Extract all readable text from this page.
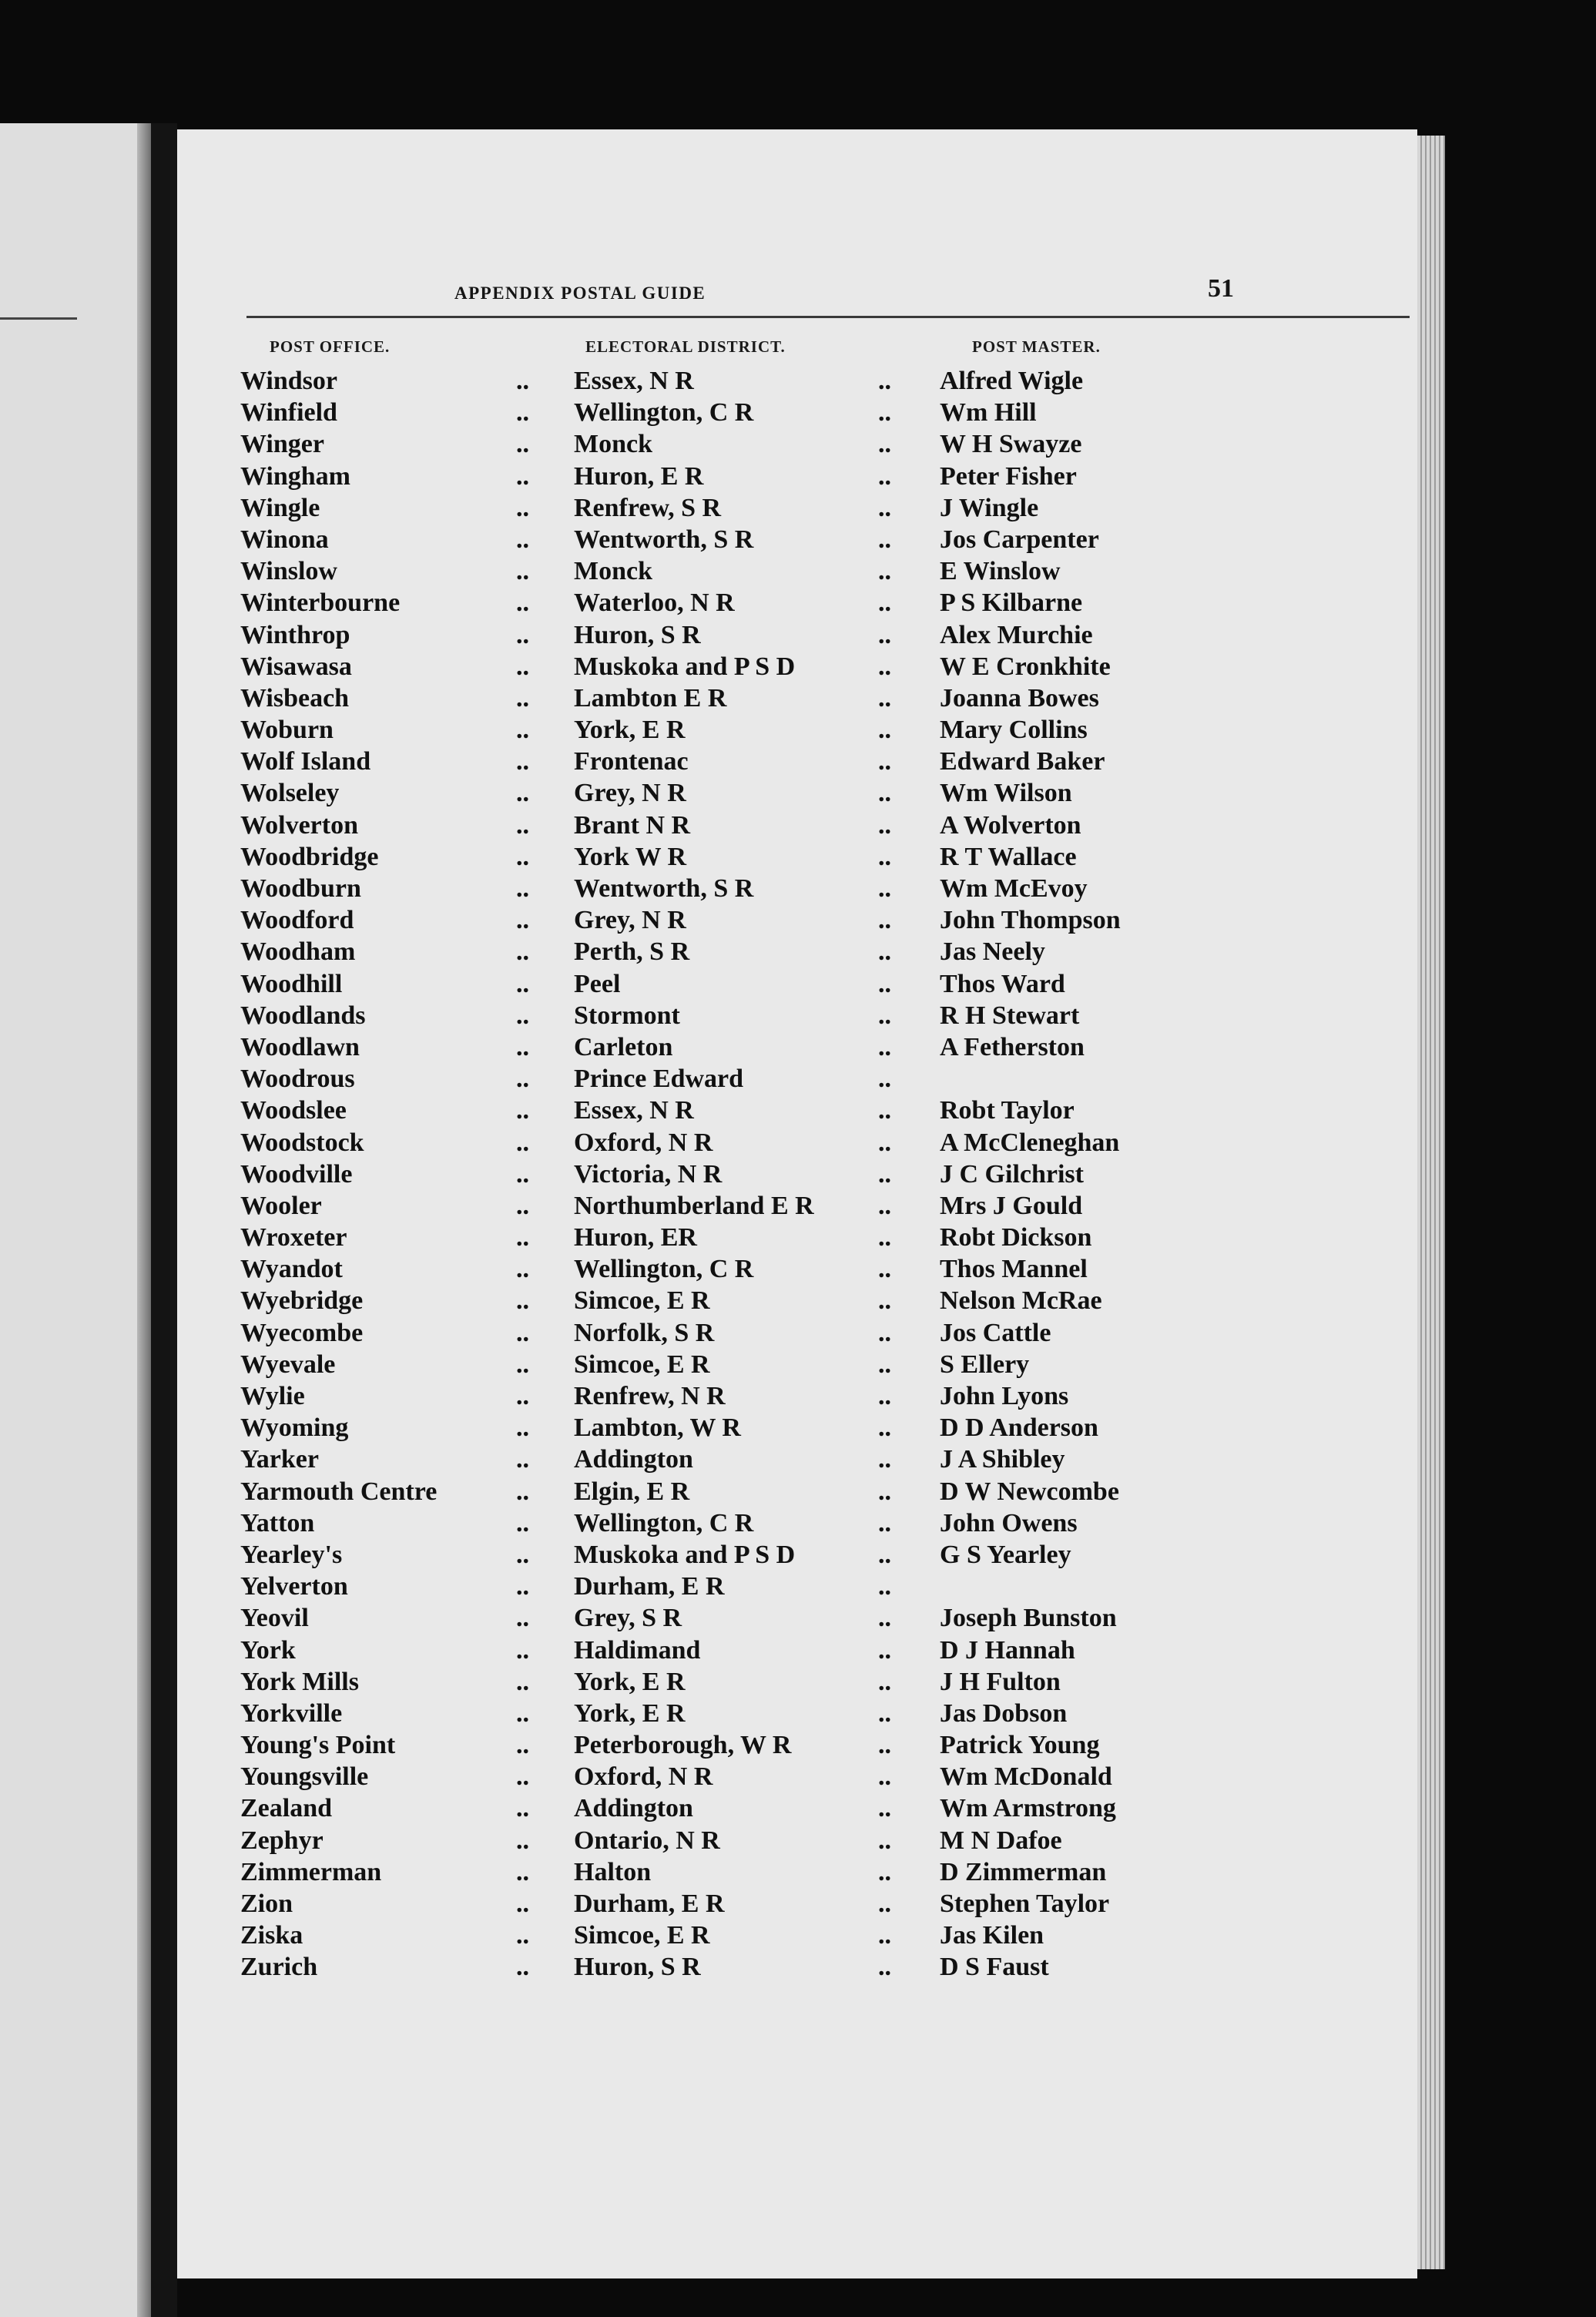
APPENDIX POSTAL GUIDE	51
POST OFFICE.	ELECTORAL DISTRICT.	POST MASTER.
Windsor	.. Essex, N R	.. Alfred Wigle
Winfield	.. Wellington, C R	.. Wm Hill
Winger	.. Monck	.. W H Swayze
Wingham	.. Huron, E R	.. Peter Fisher
Wingle	.. Renfrew, S R	.. J Wingle
Winona	.. Wentworth, S R	.. Jos Carpenter
Winslow	.. Monck	.. E Winslow
Winterbourne	.. Waterloo, N R	.. P S Kilbarne
Winthrop	.. Huron, S R	.. Alex Murchie
Wisawasa	.. Muskoka and P S D	.. W E Cronkhite
Wisbeach	.. Lambton E R	.. Joanna Bowes
Woburn	.. York, E R	.. Mary Collins
Wolf Island	.. Frontenac	.. Edward Baker
Wolseley	.. Grey, N R	.. Wm Wilson
Wolverton	.. Brant N R	.. A Wolverton
Woodbridge	.. York W R	.. R T Wallace
Woodburn	.. Wentworth, S R	.. Wm McEvoy
Woodford	.. Grey, N R	.. John Thompson
Woodham	.. Perth, S R	.. Jas Neely
Woodhill	.. Peel	.. Thos Ward
Woodlands	.. Stormont	.. R H Stewart
Woodlawn	.. Carleton	.. A Fetherston
Woodrous	.. Prince Edward	..
Woodslee	.. Essex, N R	.. Robt Taylor
Woodstock	.. Oxford, N R	.. A McCleneghan
Woodville	.. Victoria, N R	.. J C Gilchrist
Wooler	.. Northumberland E R .. Mrs J Gould
Wroxeter	.. Huron, ER	.. Robt Dickson
Wyandot	.. Wellington, C R	.. Thos Mannel
Wyebridge	.. Simcoe, E R	.. Nelson McRae
Wyecombe	.. Norfolk, S R	.. Jos Cattle
Wyevale	.. Simcoe, E R	.. S Ellery
Wylie	.. Renfrew, N R	.. John Lyons
Wyoming	.. Lambton, W R	.. D D Anderson
Yarker	.. Addington	.. J A Shibley
Yarmouth Centre	.. Elgin, E R	.. D W Newcombe
Yatton	.. Wellington, C R	.. John Owens
Yearley's	.. Muskoka and P S D	.. G S Yearley
Yelverton	.. Durham, E R	..
Yeovil	.. Grey, S R	.. Joseph Bunston
York	.. Haldimand	.. D J Hannah
York Mills	.. York, E R	.. J H Fulton
Yorkville	.. York, E R	.. Jas Dobson
Young's Point	.. Peterborough, W R	.. Patrick Young
Youngsville	.. Oxford, N R	.. Wm McDonald
Zealand	.. Addington	.. Wm Armstrong
Zephyr	.. Ontario, N R	.. M N Dafoe
Zimmerman	.. Halton	.. D Zimmerman
Zion	.. Durham, E R	.. Stephen Taylor
Ziska	.. Simcoe, E R	.. Jas Kilen
Zurich	.. Huron, S R	.. D S Faust
